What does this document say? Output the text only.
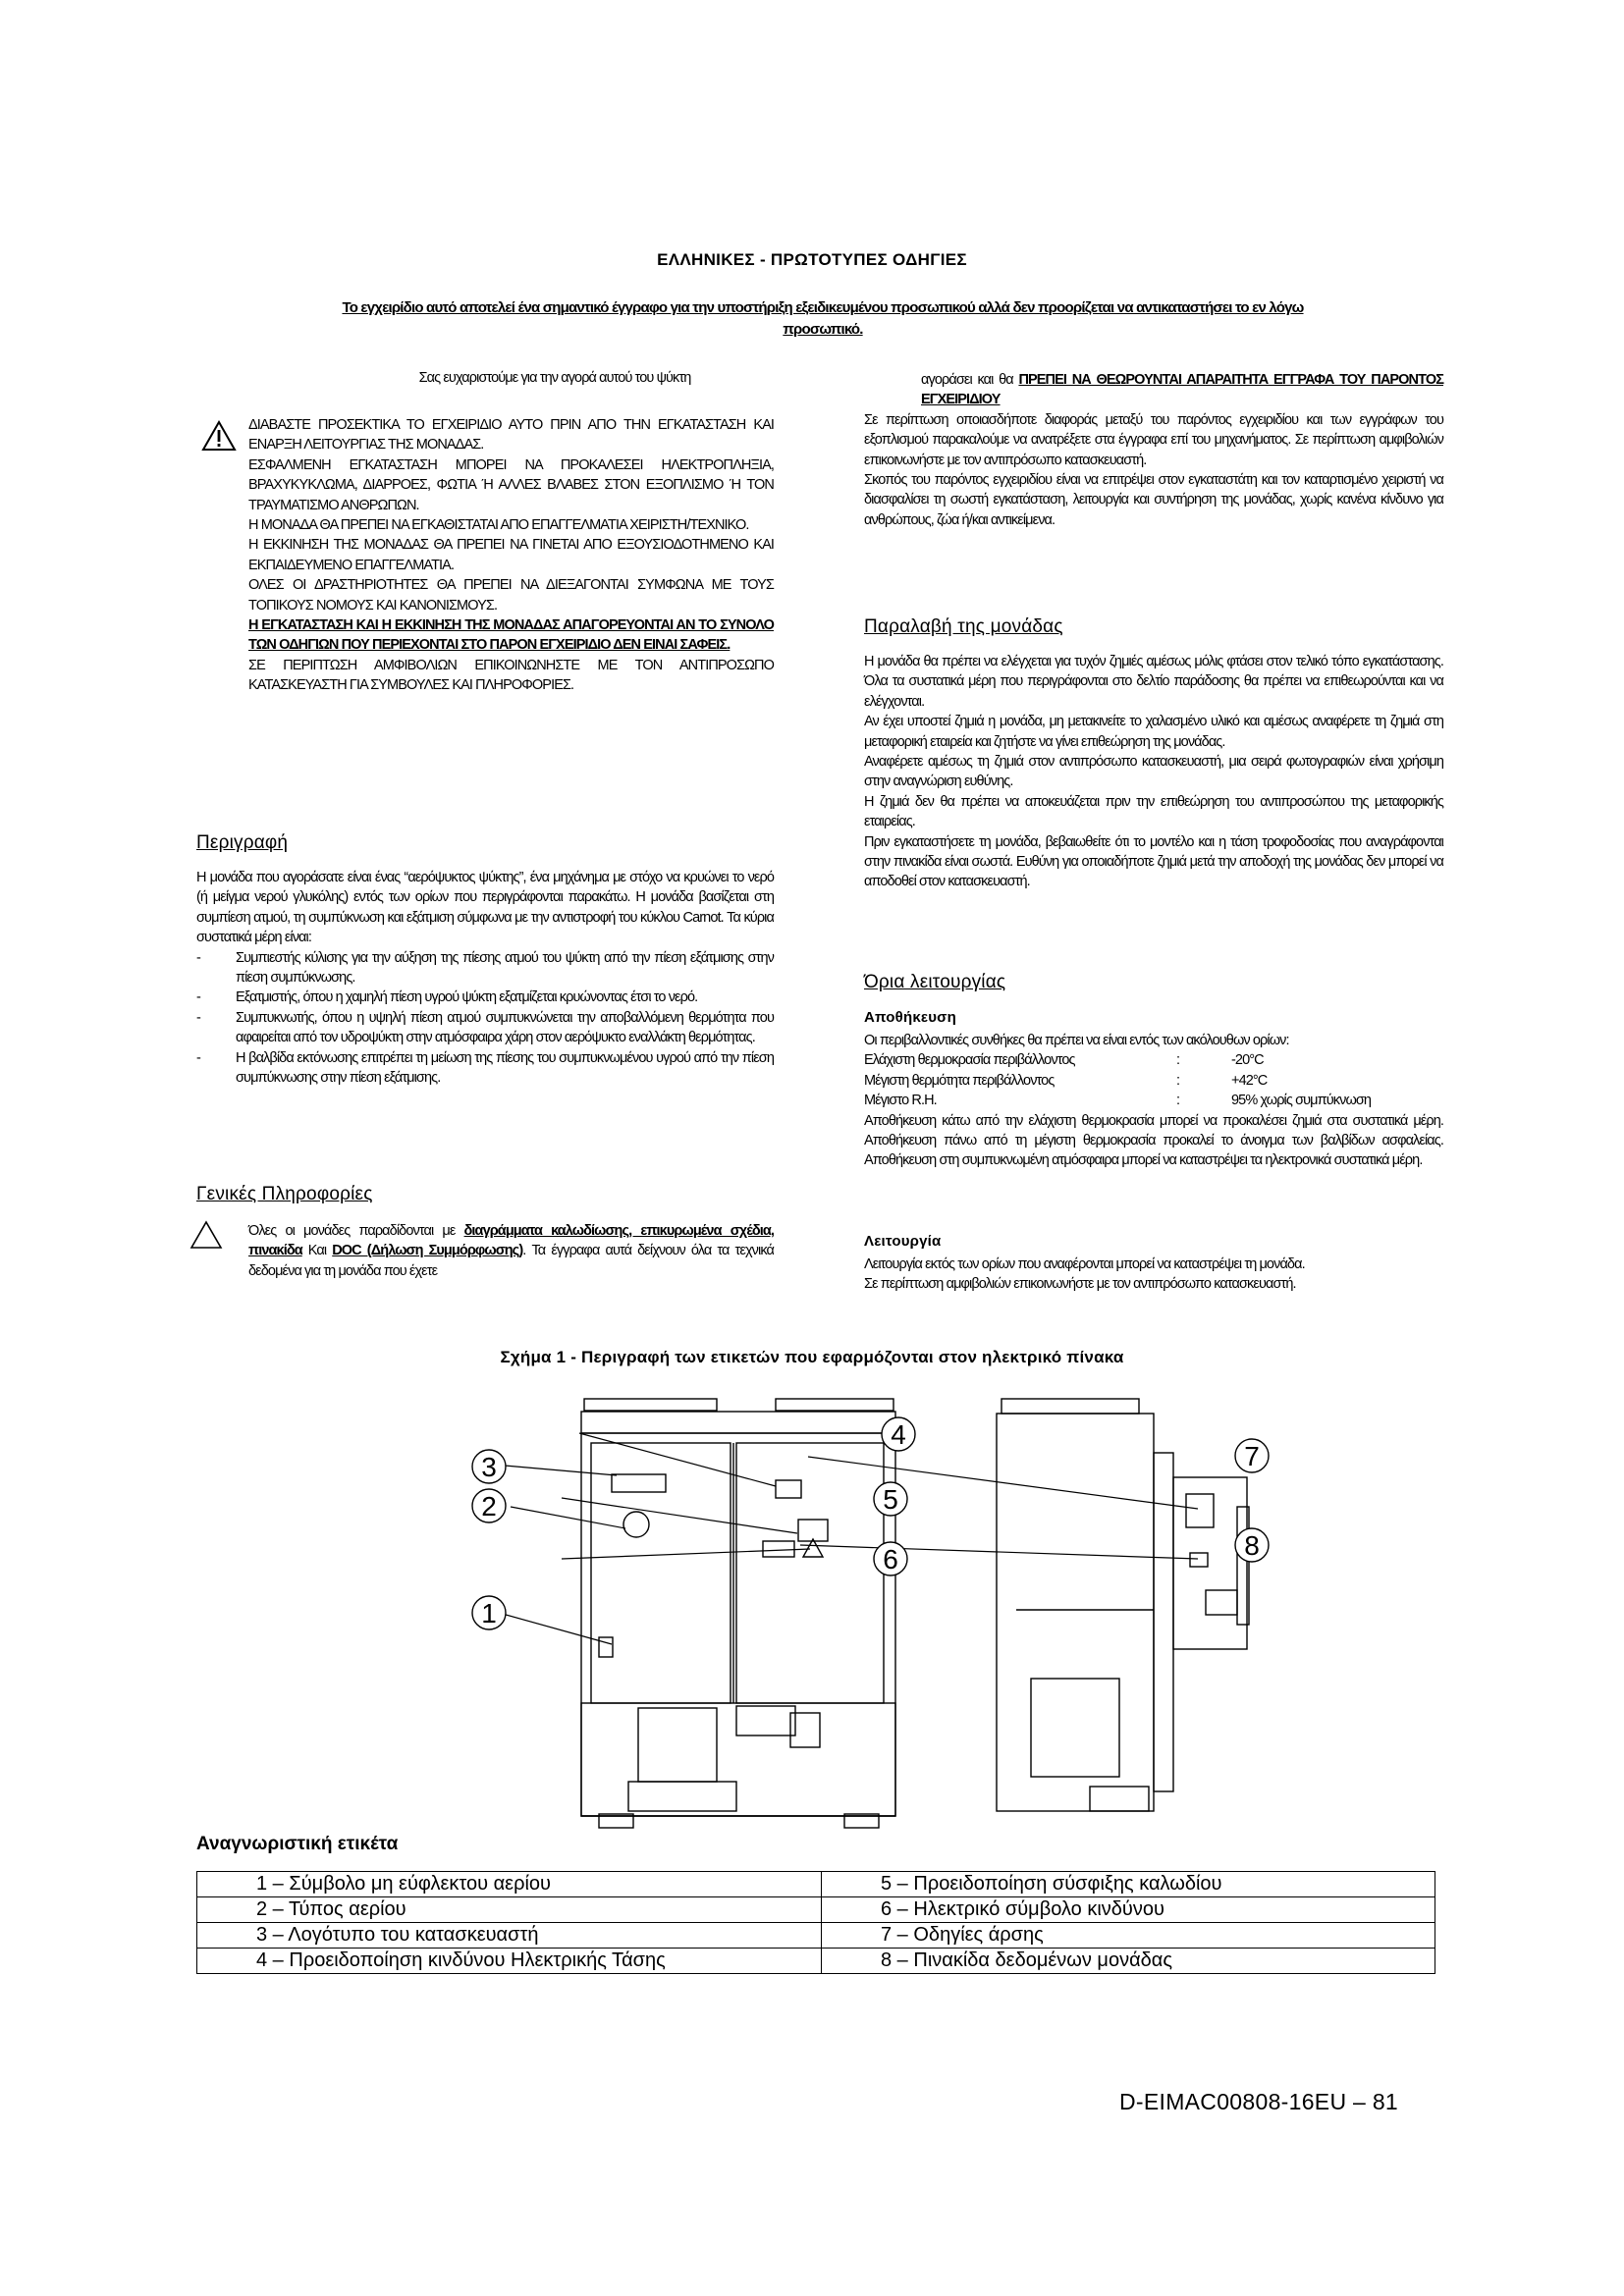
ΕΛΛΗΝΙΚΕΣ - ΠΡΩΤΟΤΥΠΕΣ ΟΔΗΓΙΕΣ
Το εγχειρίδιο αυτό αποτελεί ένα σημαντικό έγγραφο για την υποστήριξη εξειδικευμένου προσωπικού αλλά δεν προορίζεται να αντικαταστήσει το εν λόγω
προσωπικό.
Σας ευχαριστούμε για την αγορά αυτού του ψύκτη

ΔΙΑΒΑΣΤΕ ΠΡΟΣΕΚΤΙΚΑ ΤΟ ΕΓΧΕΙΡΙΔΙΟ ΑΥΤΟ ΠΡΙΝ ΑΠΟ ΤΗΝ ΕΓΚΑΤΑΣΤΑΣΗ ΚΑΙ ΕΝΑΡΞΗ ΛΕΙΤΟΥΡΓΙΑΣ ΤΗΣ ΜΟΝΑΔΑΣ.

ΕΣΦΑΛΜΕΝΗ ΕΓΚΑΤΑΣΤΑΣΗ ΜΠΟΡΕΙ ΝΑ ΠΡΟΚΑΛΕΣΕΙ ΗΛΕΚΤΡΟΠΛΗΞΙΑ, ΒΡΑΧΥΚΥΚΛΩΜΑ, ΔΙΑΡΡΟΕΣ, ΦΩΤΙΑ Ή ΑΛΛΕΣ ΒΛΑΒΕΣ ΣΤΟΝ ΕΞΟΠΛΙΣΜΟ Ή ΤΟΝ ΤΡΑΥΜΑΤΙΣΜΟ ΑΝΘΡΩΠΩΝ.

Η ΜΟΝΑΔΑ ΘΑ ΠΡΕΠΕΙ ΝΑ ΕΓΚΑΘΙΣΤΑΤΑΙ ΑΠΟ ΕΠΑΓΓΕΛΜΑΤΙΑ ΧΕΙΡΙΣΤΗ/ΤΕΧΝΙΚΟ.

Η ΕΚΚΙΝΗΣΗ ΤΗΣ ΜΟΝΑΔΑΣ ΘΑ ΠΡΕΠΕΙ ΝΑ ΓΙΝΕΤΑΙ ΑΠΟ ΕΞΟΥΣΙΟΔΟΤΗΜΕΝΟ ΚΑΙ ΕΚΠΑΙΔΕΥΜΕΝΟ ΕΠΑΓΓΕΛΜΑΤΙΑ.

ΟΛΕΣ ΟΙ ΔΡΑΣΤΗΡΙΟΤΗΤΕΣ ΘΑ ΠΡΕΠΕΙ ΝΑ ΔΙΕΞΑΓΟΝΤΑΙ ΣΥΜΦΩΝΑ ΜΕ ΤΟΥΣ ΤΟΠΙΚΟΥΣ ΝΟΜΟΥΣ ΚΑΙ ΚΑΝΟΝΙΣΜΟΥΣ.

Η ΕΓΚΑΤΑΣΤΑΣΗ ΚΑΙ Η ΕΚΚΙΝΗΣΗ ΤΗΣ ΜΟΝΑΔΑΣ ΑΠΑΓΟΡΕΥΟΝΤΑΙ ΑΝ ΤΟ ΣΥΝΟΛΟ ΤΩΝ ΟΔΗΓΙΩΝ ΠΟΥ ΠΕΡΙΕΧΟΝΤΑΙ ΣΤΟ ΠΑΡΟΝ ΕΓΧΕΙΡΙΔΙΟ ΔΕΝ ΕΙΝΑΙ ΣΑΦΕΙΣ.

ΣΕ ΠΕΡΙΠΤΩΣΗ ΑΜΦΙΒΟΛΙΩΝ ΕΠΙΚΟΙΝΩΝΗΣΤΕ ΜΕ ΤΟΝ ΑΝΤΙΠΡΟΣΩΠΟ ΚΑΤΑΣΚΕΥΑΣΤΗ ΓΙΑ ΣΥΜΒΟΥΛΕΣ ΚΑΙ ΠΛΗΡΟΦΟΡΙΕΣ.

Περιγραφή

Η μονάδα που αγοράσατε είναι ένας “αερόψυκτος ψύκτης”, ένα μηχάνημα με στόχο να κρυώνει το νερό (ή μείγμα νερού γλυκόλης) εντός των ορίων που περιγράφονται παρακάτω. Η μονάδα βασίζεται στη συμπίεση ατμού, τη συμπύκνωση και εξάτμιση σύμφωνα με την αντιστροφή του κύκλου Carnot. Τα κύρια συστατικά μέρη είναι:

-	Συμπιεστής κύλισης για την αύξηση της πίεσης ατμού του ψύκτη από την πίεση εξάτμισης στην πίεση συμπύκνωσης.
-	Εξατμιστής, όπου η χαμηλή πίεση υγρού ψύκτη εξατμίζεται κρυώνοντας έτσι το νερό.
-	Συμπυκνωτής, όπου η υψηλή πίεση ατμού συμπυκνώνεται την αποβαλλόμενη θερμότητα που αφαιρείται από τον υδροψύκτη στην ατμόσφαιρα χάρη στον αερόψυκτο εναλλάκτη θερμότητας.
-	Η βαλβίδα εκτόνωσης επιτρέπει τη μείωση της πίεσης του συμπυκνωμένου υγρού από την πίεση συμπύκνωσης στην πίεση εξάτμισης.
Γενικές Πληροφορίες

Όλες οι μονάδες παραδίδονται με διαγράμματα καλωδίωσης, επικυρωμένα σχέδια, πινακίδα Και DOC (Δήλωση Συμμόρφωσης). Τα έγγραφα αυτά δείχνουν όλα τα τεχνικά δεδομένα για τη μονάδα που έχετε

αγοράσει και θα ΠΡΕΠΕΙ ΝΑ ΘΕΩΡΟΥΝΤΑΙ ΑΠΑΡΑΙΤΗΤΑ ΕΓΓΡΑΦΑ ΤΟΥ ΠΑΡΟΝΤΟΣ ΕΓΧΕΙΡΙΔΙΟΥ

Σε περίπτωση οποιασδήποτε διαφοράς μεταξύ του παρόντος εγχειριδίου και των εγγράφων του εξοπλισμού παρακαλούμε να ανατρέξετε στα έγγραφα επί του μηχανήματος. Σε περίπτωση αμφιβολιών επικοινωνήστε με τον αντιπρόσωπο κατασκευαστή.

Σκοπός του παρόντος εγχειριδίου είναι να επιτρέψει στον εγκαταστάτη και τον καταρτισμένο χειριστή να διασφαλίσει τη σωστή εγκατάσταση, λειτουργία και συντήρηση της μονάδας, χωρίς κανένα κίνδυνο για ανθρώπους, ζώα ή/και αντικείμενα.

Παραλαβή της μονάδας

Η μονάδα θα πρέπει να ελέγχεται για τυχόν ζημιές αμέσως μόλις φτάσει στον τελικό τόπο εγκατάστασης. Όλα τα συστατικά μέρη που περιγράφονται στο δελτίο παράδοσης θα πρέπει να επιθεωρούνται και να ελέγχονται.

Αν έχει υποστεί ζημιά η μονάδα, μη μετακινείτε το χαλασμένο υλικό και αμέσως αναφέρετε τη ζημιά στη μεταφορική εταιρεία και ζητήστε να γίνει επιθεώρηση της μονάδας.

Αναφέρετε αμέσως τη ζημιά στον αντιπρόσωπο κατασκευαστή, μια σειρά φωτογραφιών είναι χρήσιμη στην αναγνώριση ευθύνης.

Η ζημιά δεν θα πρέπει να αποκευάζεται πριν την επιθεώρηση του αντιπροσώπου της μεταφορικής εταιρείας.

Πριν εγκαταστήσετε τη μονάδα, βεβαιωθείτε ότι το μοντέλο και η τάση τροφοδοσίας που αναγράφονται στην πινακίδα είναι σωστά. Ευθύνη για οποιαδήποτε ζημιά μετά την αποδοχή της μονάδας δεν μπορεί να αποδοθεί στον κατασκευαστή.

Όρια λειτουργίας
Αποθήκευση

Οι περιβαλλοντικές συνθήκες θα πρέπει να είναι εντός των ακόλουθων ορίων:

Ελάχιστη θερμοκρασία περιβάλλοντος	:	-20°C
Μέγιστη θερμότητα περιβάλλοντος	:	+42°C
Μέγιστο R.H.	:	95% χωρίς συμπύκνωση

Αποθήκευση κάτω από την ελάχιστη θερμοκρασία μπορεί να προκαλέσει ζημιά στα συστατικά μέρη. Αποθήκευση πάνω από τη μέγιστη θερμοκρασία προκαλεί το άνοιγμα των βαλβίδων ασφαλείας. Αποθήκευση στη συμπυκνωμένη ατμόσφαιρα μπορεί να καταστρέψει τα ηλεκτρονικά συστατικά μέρη.

Λειτουργία

Λειτουργία εκτός των ορίων που αναφέρονται μπορεί να καταστρέψει τη μονάδα.

Σε περίπτωση αμφιβολιών επικοινωνήστε με τον αντιπρόσωπο κατασκευαστή.

Σχήμα 1 - Περιγραφή των ετικετών που εφαρμόζονται στον ηλεκτρικό πίνακα
3
2
1
4
5
6
7
8
Αναγνωριστική ετικέτα
1 – Σύμβολο μη εύφλεκτου αερίου	5 – Προειδοποίηση σύσφιξης καλωδίου
2 – Τύπος αερίου	6 – Ηλεκτρικό σύμβολο κινδύνου
3 – Λογότυπο του κατασκευαστή	7 – Οδηγίες άρσης
4 – Προειδοποίηση κινδύνου Ηλεκτρικής Τάσης	8 – Πινακίδα δεδομένων μονάδας
D-EIMAC00808-16EU – 81
